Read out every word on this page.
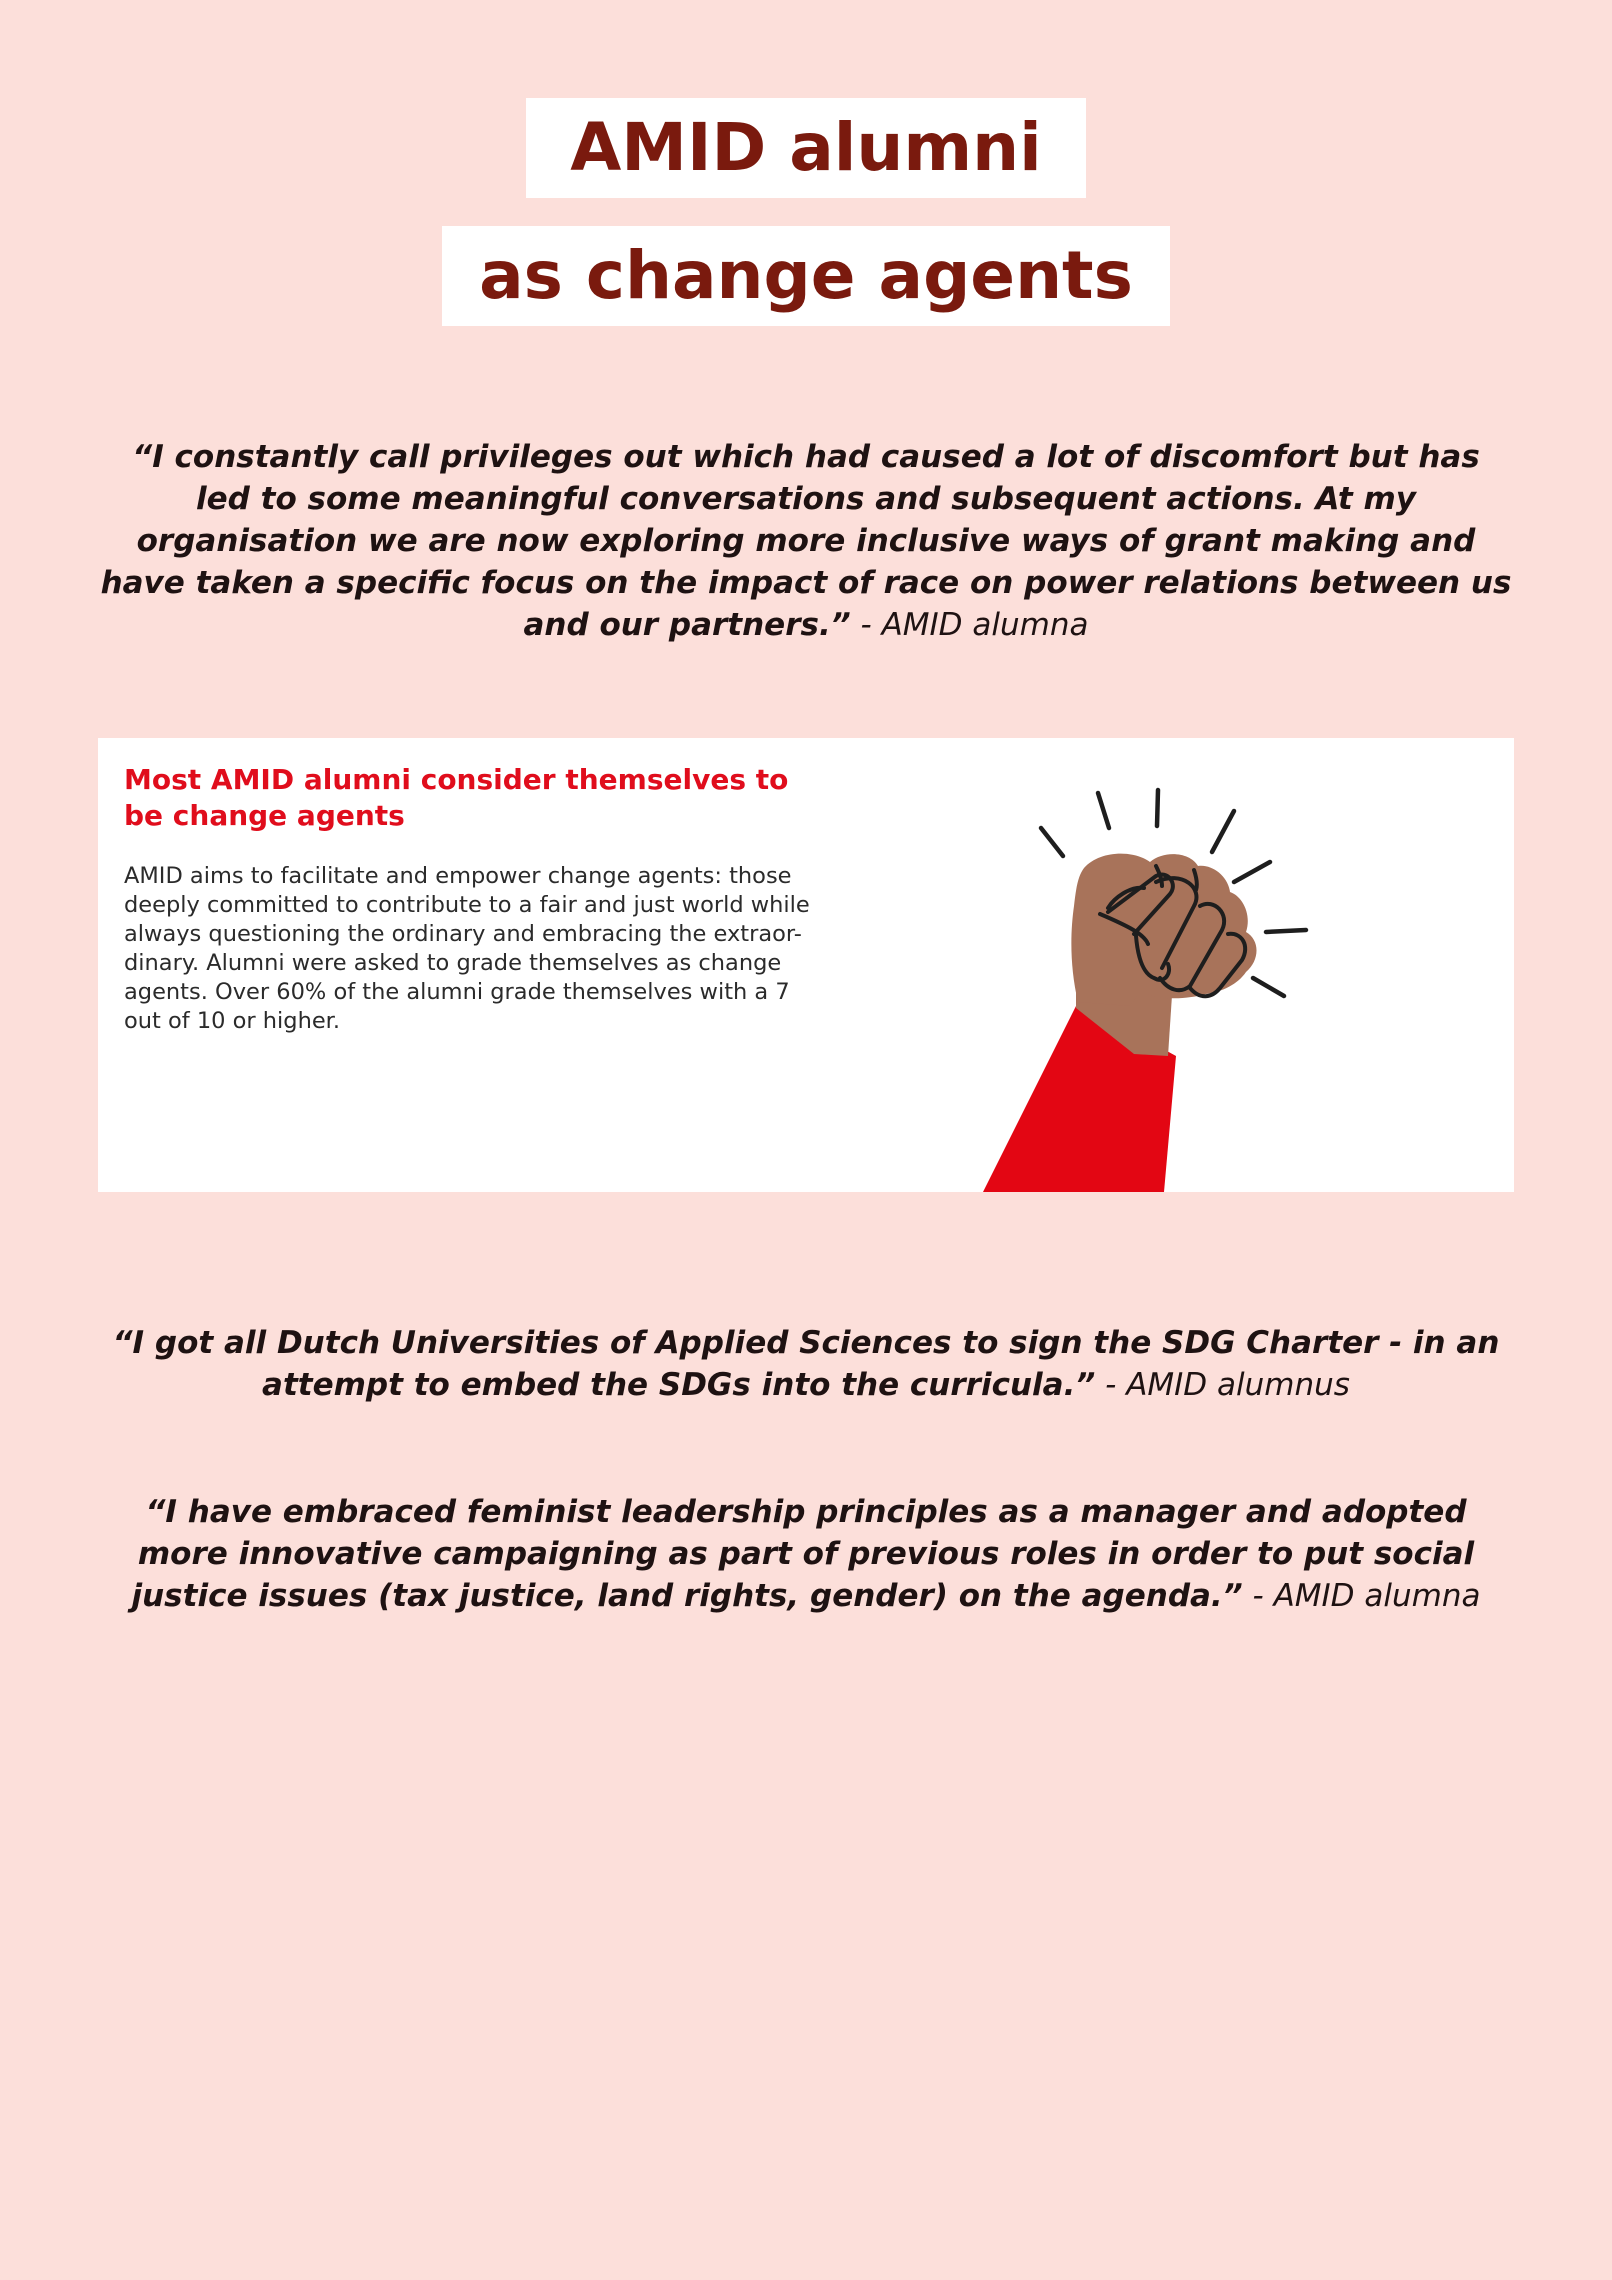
AMID alumni
as change agents
“I constantly call privileges out which had caused a lot of discomfort but has led to some meaningful conversations and subsequent actions. At my organisation we are now exploring more inclusive ways of grant making and have taken a specific focus on the impact of race on power relations between us and our partners.” - AMID alumna
Most AMID alumni consider themselves to be change agents
AMID aims to facilitate and empower change agents: those deeply committed to contribute to a fair and just world while always questioning the ordinary and embracing the extraor-dinary. Alumni were asked to grade themselves as change agents. Over 60% of the alumni grade themselves with a 7 out of 10 or higher.
“I got all Dutch Universities of Applied Sciences to sign the SDG Charter - in an attempt to embed the SDGs into the curricula.” - AMID alumnus
“I have embraced feminist leadership principles as a manager and adopted more innovative campaigning as part of previous roles in order to put social justice issues (tax justice, land rights, gender) on the agenda.” - AMID alumna
